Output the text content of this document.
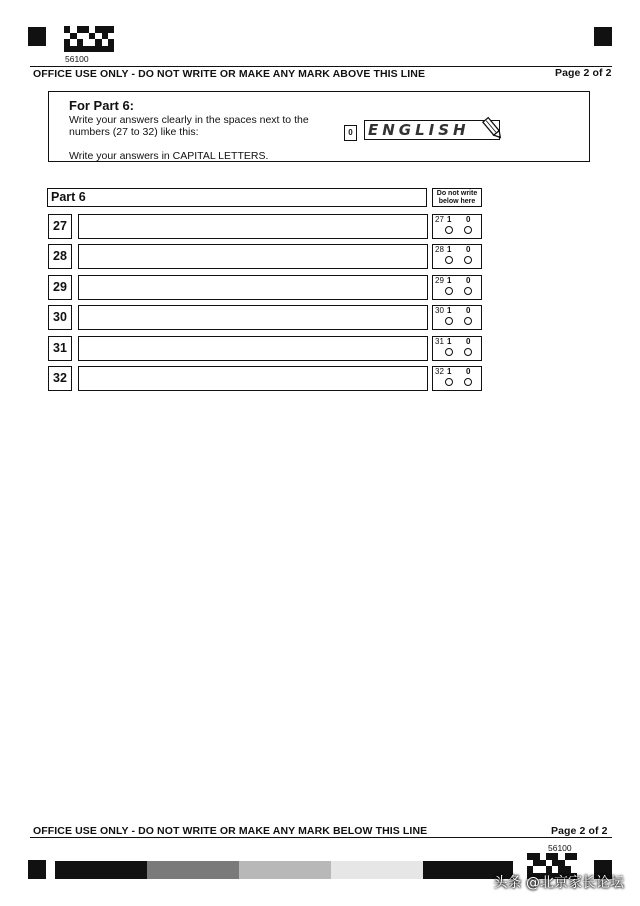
56100
OFFICE USE ONLY - DO NOT WRITE OR MAKE ANY MARK ABOVE THIS LINE	Page 2 of 2
For Part 6:
Write your answers clearly in the spaces next to the
numbers (27 to 32) like this:
Write your answers in CAPITAL LETTERS.
0 ENGLISH
Part 6	Do not write below here
27	27 1 0
28	28 1 0
29	29 1 0
30	30 1 0
31	31 1 0
32	32 1 0
OFFICE USE ONLY - DO NOT WRITE OR MAKE ANY MARK BELOW THIS LINE	Page 2 of 2
56100
头条 @北京家长论坛
